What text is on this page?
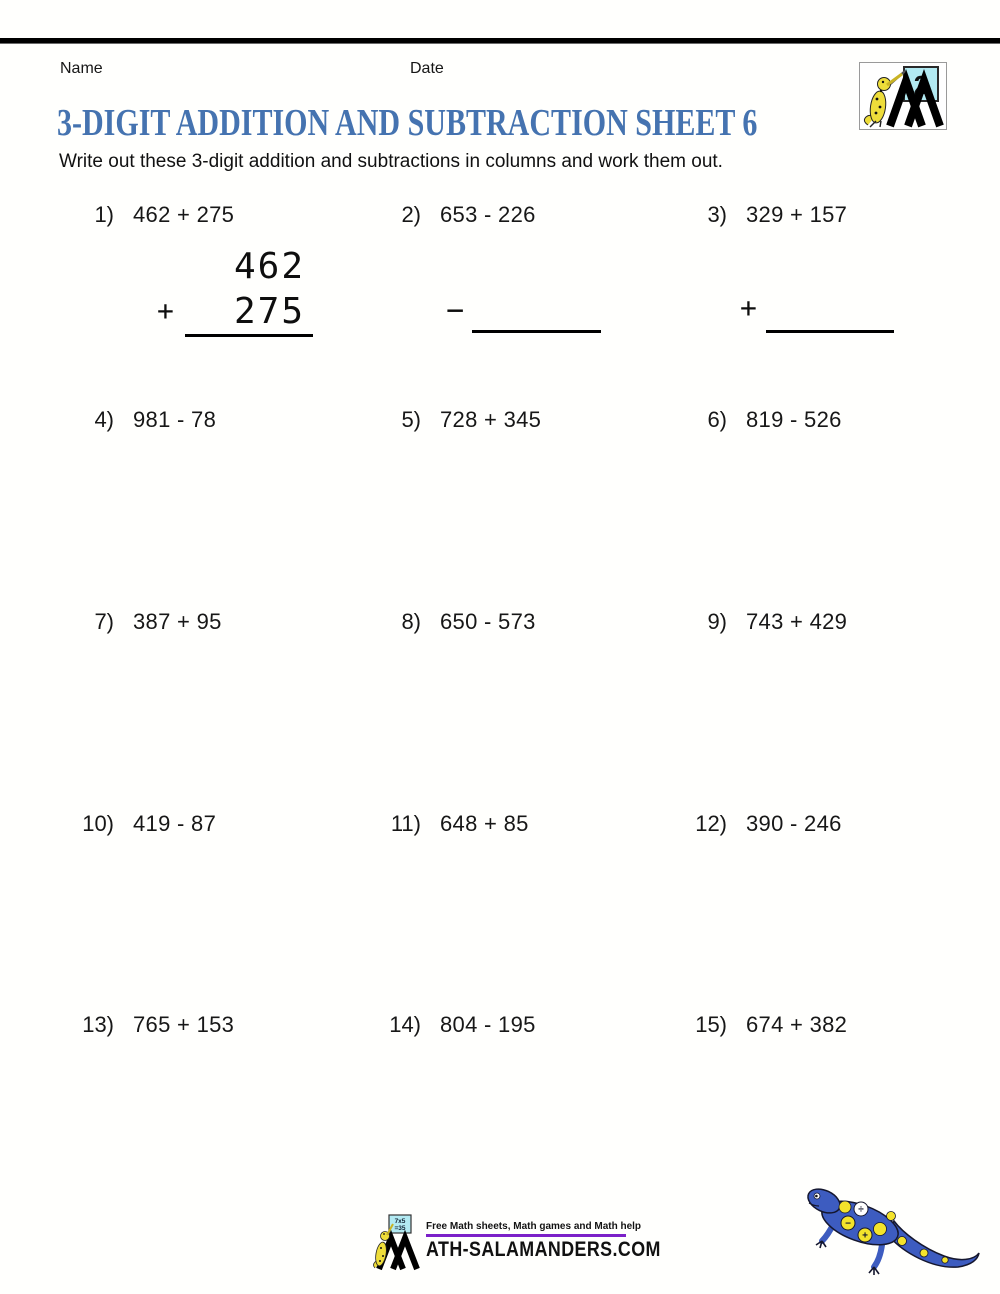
Name	Date
2
3-DIGIT ADDITION AND SUBTRACTION SHEET 6

Write out these 3-digit addition and subtractions in columns and work them out.

1) 462 + 275	2) 653 - 226	3) 329 + 157
4) 981 - 78	5) 728 + 345	6) 819 - 526
7) 387 + 95	8) 650 - 573	9) 743 + 429
10) 419 - 87	11) 648 + 85	12) 390 - 246
13) 765 + 153	14) 804 - 195	15) 674 + 382
462
+ 275	−	+
7x5
=35 Free Math sheets, Math games and Math help
ATH-SALAMANDERS.COM
÷
−
+
